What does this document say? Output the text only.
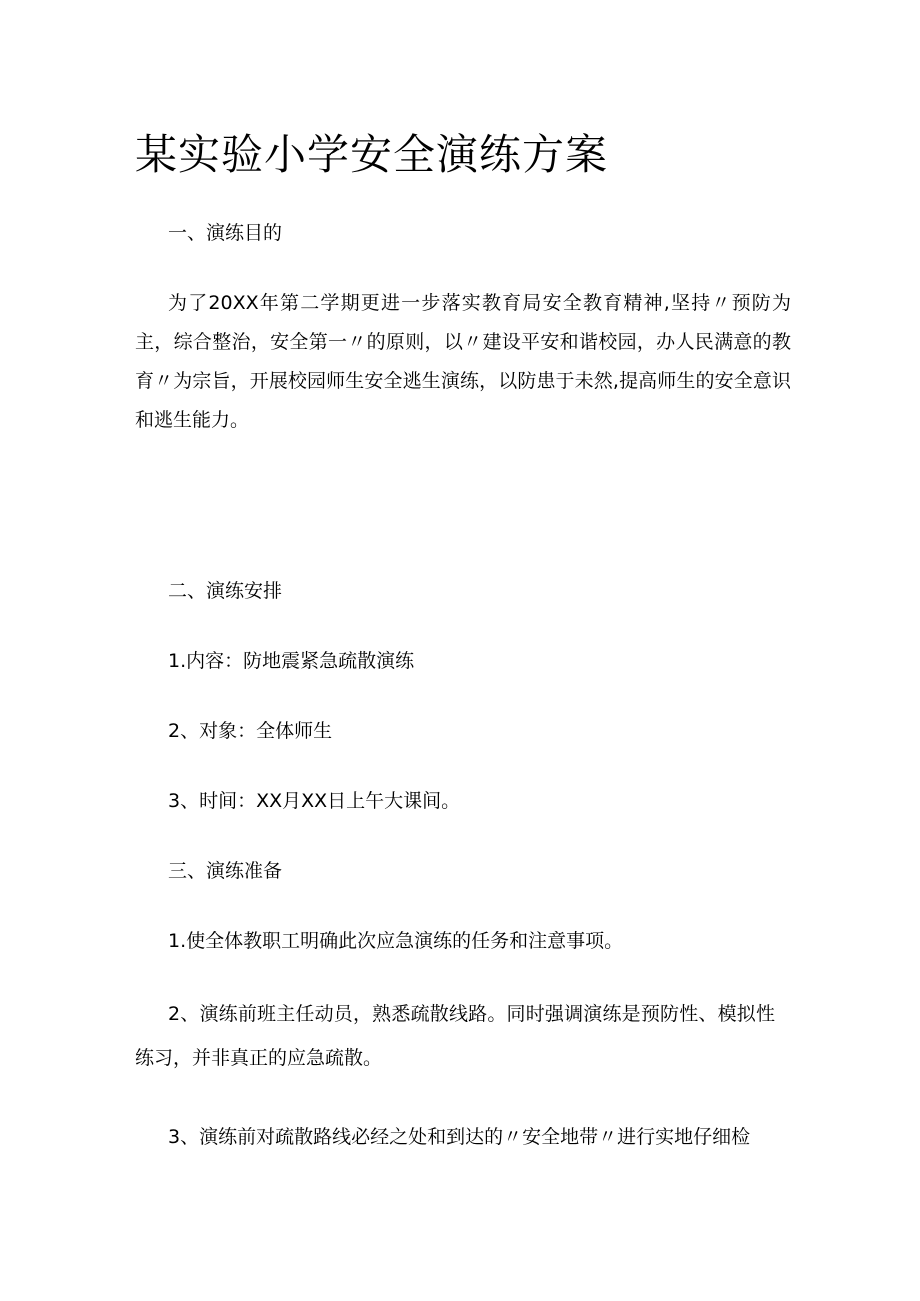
某实验小学安全演练方案

一、演练目的

为了20XX年第二学期更进一步落实教育局安全教育精神,坚持〃预防为主，综合整治，安全第一〃的原则，以〃建设平安和谐校园，办人民满意的教育〃为宗旨，开展校园师生安全逃生演练，以防患于未然,提高师生的安全意识和逃生能力。

二、演练安排

1.内容：防地震紧急疏散演练

2、对象：全体师生

3、时间：XX月XX日上午大课间。

三、演练准备

1.使全体教职工明确此次应急演练的任务和注意事项。

2、演练前班主任动员，熟悉疏散线路。同时强调演练是预防性、模拟性练习，并非真正的应急疏散。
3、演练前对疏散路线必经之处和到达的〃安全地带〃进行实地仔细检
